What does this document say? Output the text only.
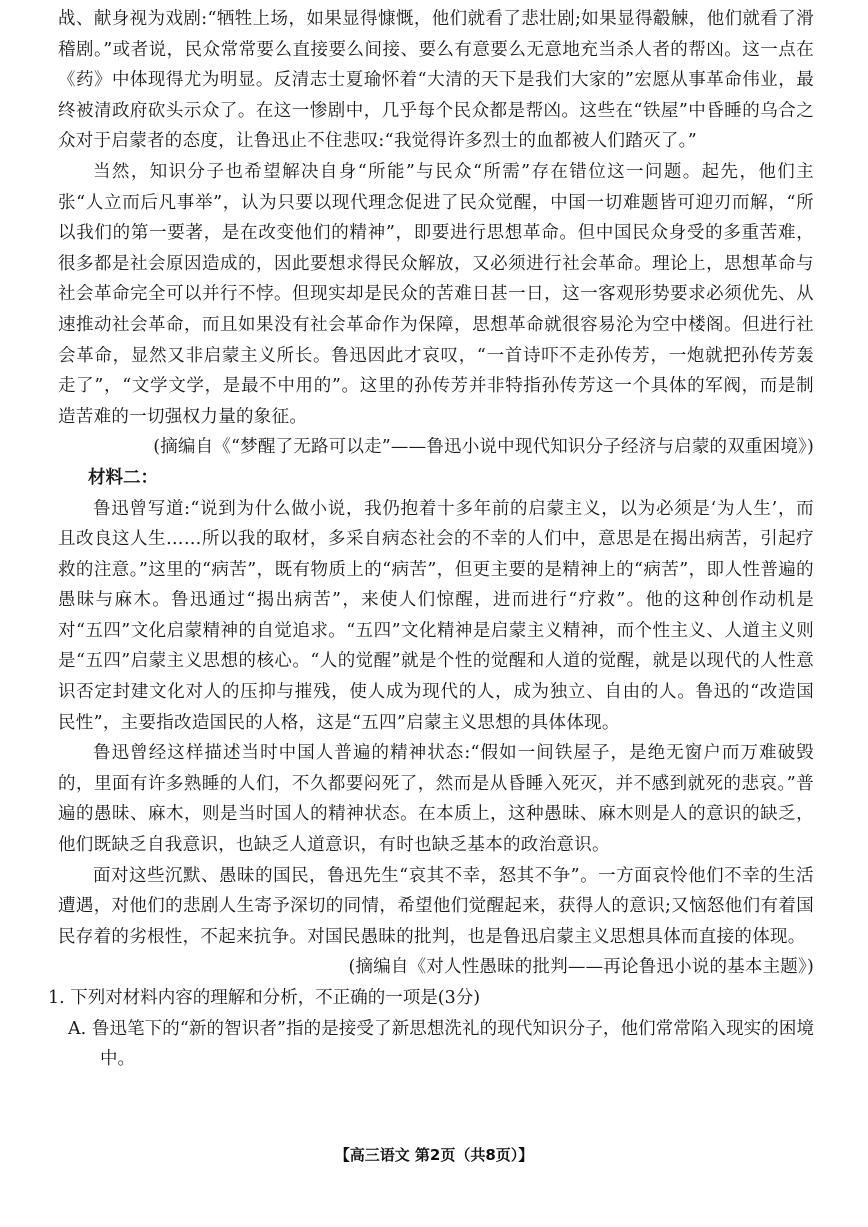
战、献身视为戏剧:“牺牲上场，如果显得慷慨，他们就看了悲壮剧;如果显得觳觫，他们就看了滑稽剧。”或者说，民众常常要么直接要么间接、要么有意要么无意地充当杀人者的帮凶。这一点在《药》中体现得尤为明显。反清志士夏瑜怀着“大清的天下是我们大家的”宏愿从事革命伟业，最终被清政府砍头示众了。在这一惨剧中，几乎每个民众都是帮凶。这些在“铁屋”中昏睡的乌合之众对于启蒙者的态度，让鲁迅止不住悲叹:“我觉得许多烈士的血都被人们踏灭了。”

当然，知识分子也希望解决自身“所能”与民众“所需”存在错位这一问题。起先，他们主张“人立而后凡事举”，认为只要以现代理念促进了民众觉醒，中国一切难题皆可迎刃而解，“所以我们的第一要著，是在改变他们的精神”，即要进行思想革命。但中国民众身受的多重苦难，很多都是社会原因造成的，因此要想求得民众解放，又必须进行社会革命。理论上，思想革命与社会革命完全可以并行不悖。但现实却是民众的苦难日甚一日，这一客观形势要求必须优先、从速推动社会革命，而且如果没有社会革命作为保障，思想革命就很容易沦为空中楼阁。但进行社会革命，显然又非启蒙主义所长。鲁迅因此才哀叹，“一首诗吓不走孙传芳，一炮就把孙传芳轰走了”，“文学文学，是最不中用的”。这里的孙传芳并非特指孙传芳这一个具体的军阀，而是制造苦难的一切强权力量的象征。

(摘编自《“梦醒了无路可以走”——鲁迅小说中现代知识分子经济与启蒙的双重困境》)

材料二：

鲁迅曾写道:“说到为什么做小说，我仍抱着十多年前的启蒙主义，以为必须是‘为人生’，而且改良这人生……所以我的取材，多采自病态社会的不幸的人们中，意思是在揭出病苦，引起疗救的注意。”这里的“病苦”，既有物质上的“病苦”，但更主要的是精神上的“病苦”，即人性普遍的愚昧与麻木。鲁迅通过“揭出病苦”，来使人们惊醒，进而进行“疗救”。他的这种创作动机是对“五四”文化启蒙精神的自觉追求。“五四”文化精神是启蒙主义精神，而个性主义、人道主义则是“五四”启蒙主义思想的核心。“人的觉醒”就是个性的觉醒和人道的觉醒，就是以现代的人性意识否定封建文化对人的压抑与摧残，使人成为现代的人，成为独立、自由的人。鲁迅的“改造国民性”，主要指改造国民的人格，这是“五四”启蒙主义思想的具体体现。

鲁迅曾经这样描述当时中国人普遍的精神状态:“假如一间铁屋子，是绝无窗户而万难破毁的，里面有许多熟睡的人们，不久都要闷死了，然而是从昏睡入死灭，并不感到就死的悲哀。”普遍的愚昧、麻木，则是当时国人的精神状态。在本质上，这种愚昧、麻木则是人的意识的缺乏，他们既缺乏自我意识，也缺乏人道意识，有时也缺乏基本的政治意识。

面对这些沉默、愚昧的国民，鲁迅先生“哀其不幸，怒其不争”。一方面哀怜他们不幸的生活遭遇，对他们的悲剧人生寄予深切的同情，希望他们觉醒起来，获得人的意识;又恼怒他们有着国民存着的劣根性，不起来抗争。对国民愚昧的批判，也是鲁迅启蒙主义思想具体而直接的体现。

(摘编自《对人性愚昧的批判——再论鲁迅小说的基本主题》)

1. 下列对材料内容的理解和分析，不正确的一项是(3分)

A. 鲁迅笔下的“新的智识者”指的是接受了新思想洗礼的现代知识分子，他们常常陷入现实的困境中。

【高三语文 第2页（共8页）】
